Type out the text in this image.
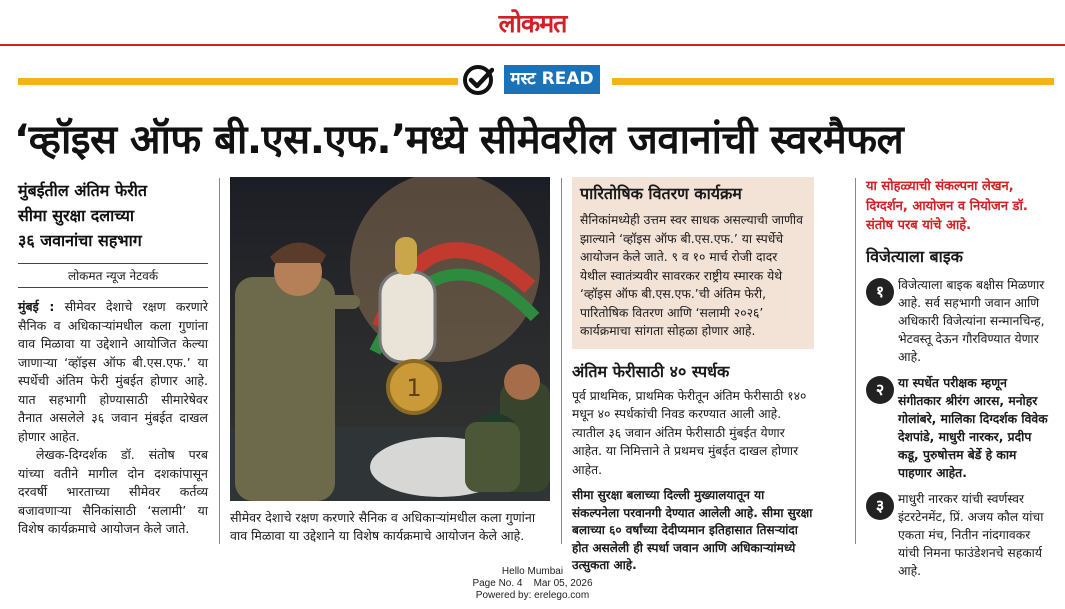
लोकमत
मस्ट READ
‘व्हॉइस ऑफ बी.एस.एफ.’मध्ये सीमेवरील जवानांची स्वरमैफल
मुंबईतील अंतिम फेरीत
सीमा सुरक्षा दलाच्या
३६ जवानांचा सहभाग
लोकमत न्यूज नेटवर्क

मुंबई : सीमेवर देशाचे रक्षण करणारे सैनिक व अधिकाऱ्यांमधील कला गुणांना वाव मिळावा या उद्देशाने आयोजित केल्या जाणाऱ्या ‘व्हॉइस ऑफ बी.एस.एफ.’ या स्पर्धेची अंतिम फेरी मुंबईत होणार आहे. यात सहभागी होण्यासाठी सीमारेषेवर तैनात असलेले ३६ जवान मुंबईत दाखल होणार आहेत.

लेखक-दिग्दर्शक डॉ. संतोष परब यांच्या वतीने मागील दोन दशकांपासून दरवर्षी भारताच्या सीमेवर कर्तव्य बजावणाऱ्या सैनिकांसाठी ‘सलामी’ या विशेष कार्यक्रमाचे आयोजन केले जाते.

1
सीमेवर देशाचे रक्षण करणारे सैनिक व अधिकाऱ्यांमधील कला गुणांना वाव मिळावा या उद्देशाने या विशेष कार्यक्रमाचे आयोजन केले आहे.
पारितोषिक वितरण कार्यक्रम
सैनिकांमध्येही उत्तम स्वर साधक असल्याची जाणीव झाल्याने ‘व्हॉइस ऑफ बी.एस.एफ.’ या स्पर्धेचे आयोजन केले जाते. ९ व १० मार्च रोजी दादर येथील स्वातंत्र्यवीर सावरकर राष्ट्रीय स्मारक येथे ‘व्हॉइस ऑफ बी.एस.एफ.’ची अंतिम फेरी, पारितोषिक वितरण आणि ‘सलामी २०२६’ कार्यक्रमाचा सांगता सोहळा होणार आहे.
अंतिम फेरीसाठी ४० स्पर्धक
पूर्व प्राथमिक, प्राथमिक फेरीतून अंतिम फेरीसाठी १४० मधून ४० स्पर्धकांची निवड करण्यात आली आहे. त्यातील ३६ जवान अंतिम फेरीसाठी मुंबईत येणार आहेत. या निमित्ताने ते प्रथमच मुंबईत दाखल होणार आहेत.
सीमा सुरक्षा बलाच्या दिल्ली मुख्यालयातून या संकल्पनेला परवानगी देण्यात आलेली आहे. सीमा सुरक्षा बलाच्या ६० वर्षांच्या देदीप्यमान इतिहासात तिसऱ्यांदा होत असलेली ही स्पर्धा जवान आणि अधिकाऱ्यांमध्ये उत्सुकता आहे.
या सोहळ्याची संकल्पना लेखन, दिग्दर्शन, आयोजन व नियोजन डॉ. संतोष परब यांचे आहे.
विजेत्याला बाइक
१	विजेत्याला बाइक बक्षीस मिळणार आहे. सर्व सहभागी जवान आणि अधिकारी विजेत्यांना सन्मानचिन्ह, भेटवस्तू देऊन गौरविण्यात येणार आहे.
२	या स्पर्धेत परीक्षक म्हणून संगीतकार श्रीरंग आरस, मनोहर गोलांबरे, मालिका दिग्दर्शक विवेक देशपांडे, माधुरी नारकर, प्रदीप कडू, पुरुषोत्तम बेर्डे हे काम पाहणार आहेत.
३	माधुरी नारकर यांची स्वर्णस्वर इंटरटेनमेंट, प्रिं. अजय कौल यांचा एकता मंच, नितीन नांदगावकर यांची निमना फाउंडेशनचे सहकार्य आहे.
Hello Mumbai
Page No. 4    Mar 05, 2026
Powered by: erelego.com
